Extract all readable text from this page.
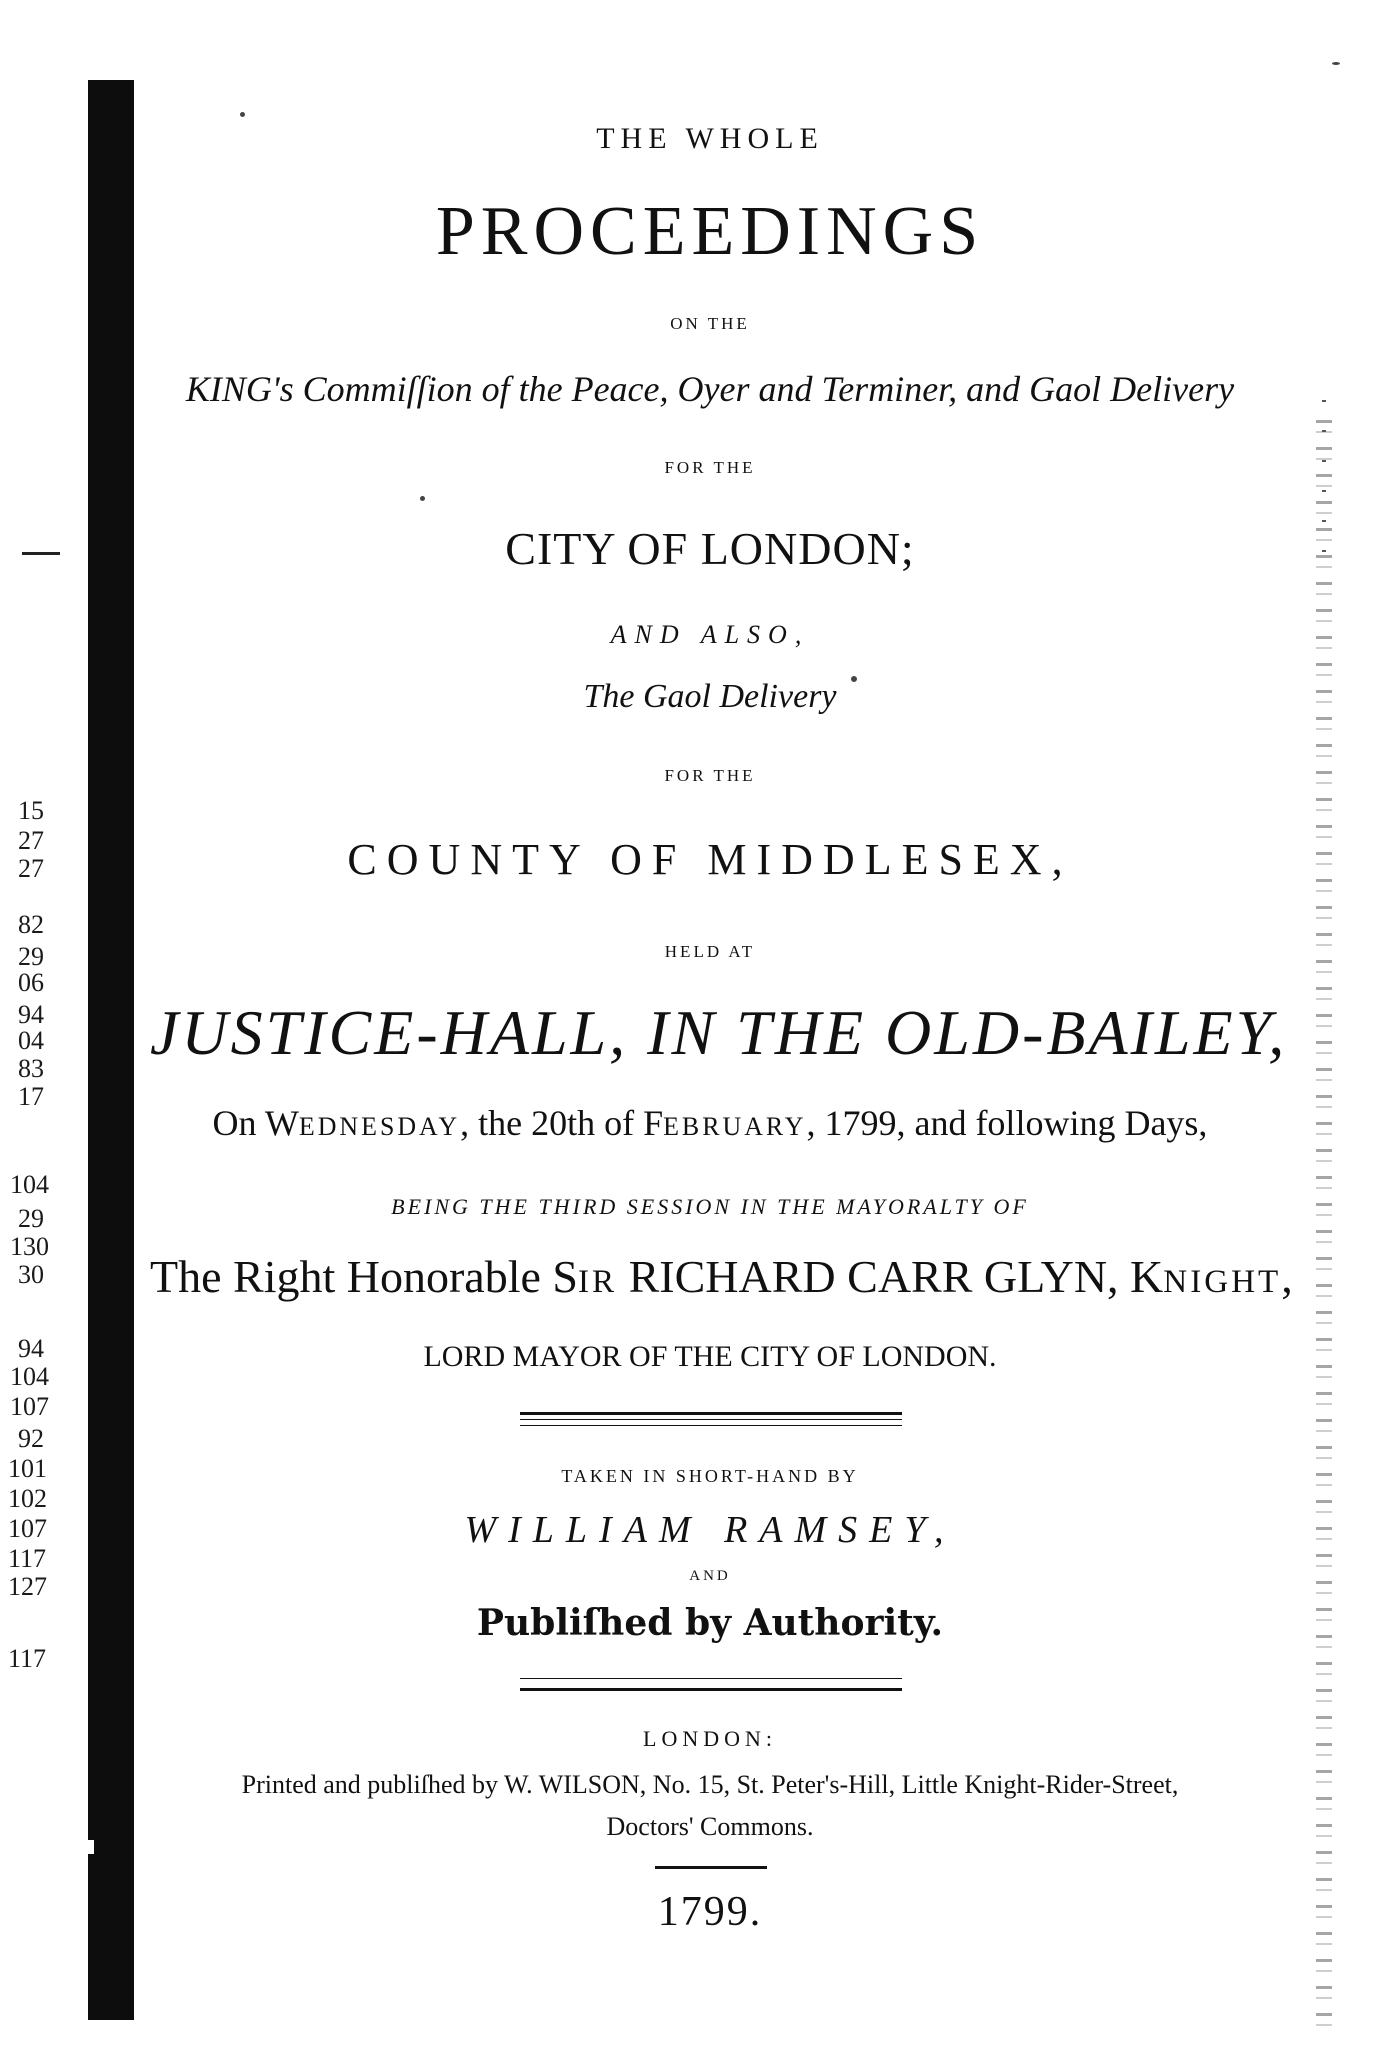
15
27
27
82
29
06
94
04
83
17
104
29
130
30
94
104
107
92
101
102
107
117
127
117
THE WHOLE
PROCEEDINGS
ON THE
KING's Commiſſion of the Peace, Oyer and Terminer, and Gaol Delivery
FOR THE
CITY OF LONDON;
AND ALSO,
The Gaol Delivery
FOR THE
COUNTY OF MIDDLESEX,
HELD AT
JUSTICE-HALL, IN THE OLD-BAILEY,
On WEDNESDAY, the 20th of FEBRUARY, 1799, and following Days,
BEING THE THIRD SESSION IN THE MAYORALTY OF
The Right Honorable SIR RICHARD CARR GLYN, KNIGHT,
LORD MAYOR OF THE CITY OF LONDON.
TAKEN IN SHORT-HAND BY
WILLIAM RAMSEY,
AND
Publiſhed by Authority.
LONDON:
Printed and publiſhed by W. WILSON, No. 15, St. Peter's-Hill, Little Knight-Rider-Street,
Doctors' Commons.
1799.
